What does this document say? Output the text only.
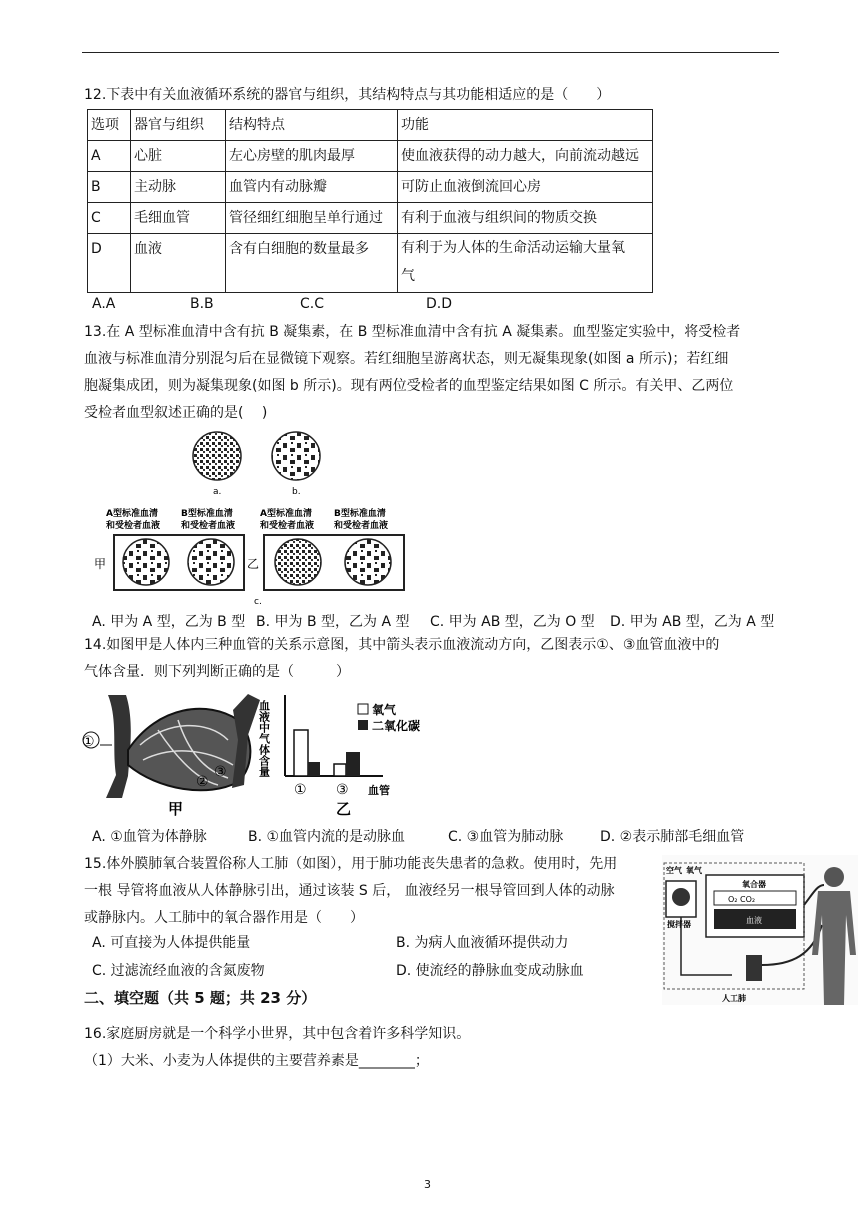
12.下表中有关血液循环系统的器官与组织，其结构特点与其功能相适应的是（　　）
选项	器官与组织	结构特点	功能
A	心脏	左心房壁的肌肉最厚	使血液获得的动力越大，向前流动越远
B	主动脉	血管内有动脉瓣	可防止血液倒流回心房
C	毛细血管	管径细红细胞呈单行通过	有利于血液与组织间的物质交换
D	血液	含有白细胞的数量最多	有利于为人体的生命活动运输大量氧
气
A.A	B.B	C.C	D.D
13.在 A 型标准血清中含有抗 B 凝集素，在 B 型标准血清中含有抗 A 凝集素。血型鉴定实验中，将受检者
血液与标准血清分别混匀后在显微镜下观察。若红细胞呈游离状态，则无凝集现象(如图 a 所示)；若红细
胞凝集成团，则为凝集现象(如图 b 所示)。现有两位受检者的血型鉴定结果如图 C 所示。有关甲、乙两位
受检者血型叙述正确的是(　 )
a.	b.
A型标准血清
和受检者血液
B型标准血清
和受检者血液
A型标准血清
和受检者血液
B型标准血清
和受检者血液
甲	乙
c.
A. 甲为 A 型，乙为 B 型 B. 甲为 B 型，乙为 A 型 C. 甲为 AB 型，乙为 O 型 D. 甲为 AB 型，乙为 A 型
14.如图甲是人体内三种血管的关系示意图，其中箭头表示血液流动方向，乙图表示①、③血管血液中的
气体含量．则下列判断正确的是（　　　）
①
②
③
甲
血液中气体含量
① ③ 血管
乙
氧气
二氧化碳
A. ①血管为体静脉	B. ①血管内流的是动脉血	C. ③血管为肺动脉	D. ②表示肺部毛细血管
15.体外膜肺氧合装置俗称人工肺（如图），用于肺功能丧失患者的急救。使用时，先用
一根 导管将血液从人体静脉引出，通过该装 S 后， 血液经另一根导管回到人体的动脉
或静脉内。人工肺中的氧合器作用是（　　）
A. 可直接为人体提供能量	B. 为病人血液循环提供动力
C. 过滤流经血液的含氮废物	D. 使流经的静脉血变成动脉血
空气 氧气
氧合器
O₂ CO₂
血液
搅拌器
人工肺
二、填空题（共 5 题；共 23 分）
16.家庭厨房就是一个科学小世界，其中包含着许多科学知识。
（1）大米、小麦为人体提供的主要营养素是________；
3
